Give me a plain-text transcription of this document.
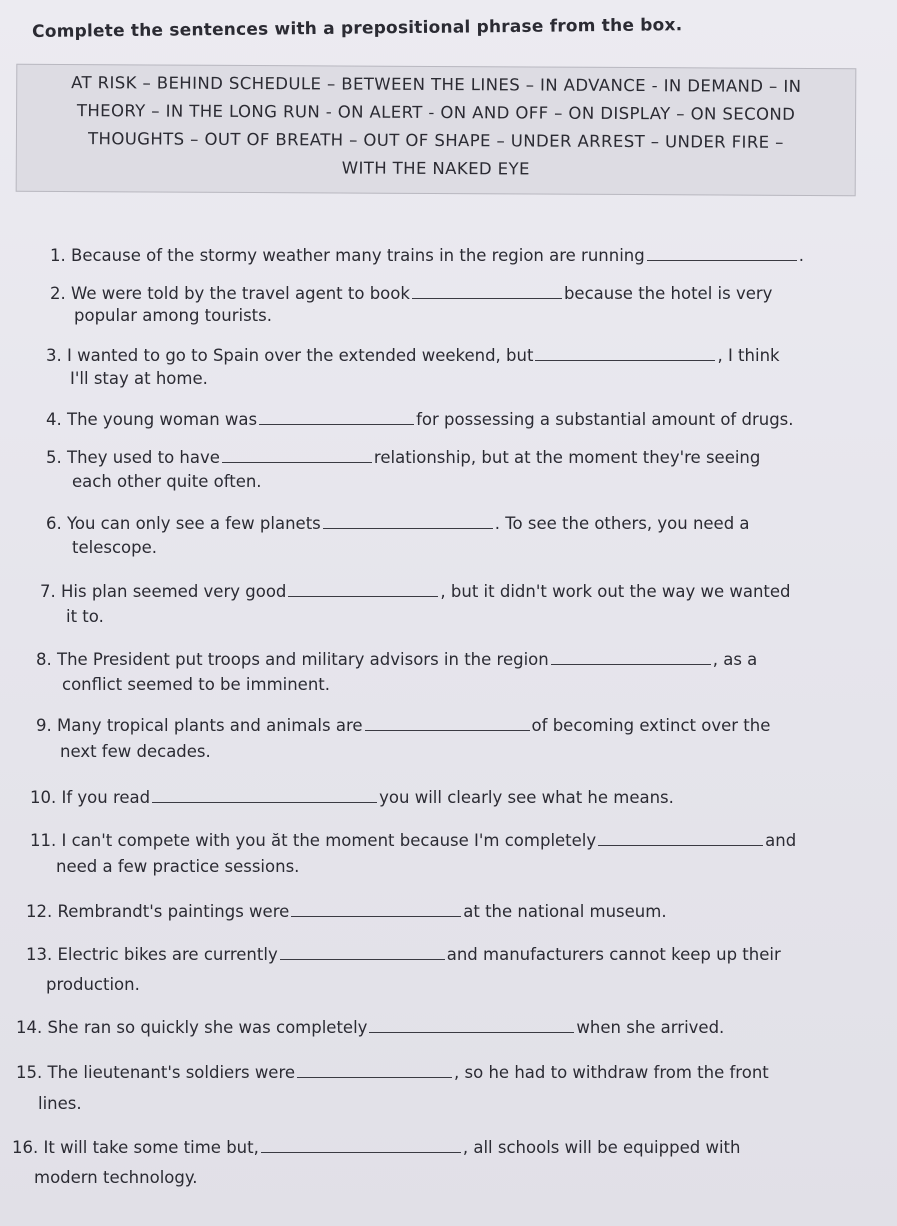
Complete the sentences with a prepositional phrase from the box.
AT RISK – BEHIND SCHEDULE – BETWEEN THE LINES – IN ADVANCE - IN DEMAND – IN
THEORY – IN THE LONG RUN - ON ALERT - ON AND OFF – ON DISPLAY – ON SECOND
THOUGHTS – OUT OF BREATH – OUT OF SHAPE – UNDER ARREST – UNDER FIRE –
WITH THE NAKED EYE
1. Because of the stormy weather many trains in the region are running	.
2. We were told by the travel agent to book	because the hotel is very
popular among tourists.
3. I wanted to go to Spain over the extended weekend, but	, I think
I'll stay at home.
4. The young woman was	for possessing a substantial amount of drugs.
5. They used to have	relationship, but at the moment they're seeing
each other quite often.
6. You can only see a few planets	. To see the others, you need a
telescope.
7. His plan seemed very good	, but it didn't work out the way we wanted
it to.
8. The President put troops and military advisors in the region	, as a
conflict seemed to be imminent.
9. Many tropical plants and animals are	of becoming extinct over the
next few decades.
10. If you read	you will clearly see what he means.
11. I can't compete with you ăt the moment because I'm completely	and
need a few practice sessions.
12. Rembrandt's paintings were	at the national museum.
13. Electric bikes are currently	and manufacturers cannot keep up their
production.
14. She ran so quickly she was completely	when she arrived.
15. The lieutenant's soldiers were	, so he had to withdraw from the front
lines.
16. It will take some time but,	, all schools will be equipped with
modern technology.
